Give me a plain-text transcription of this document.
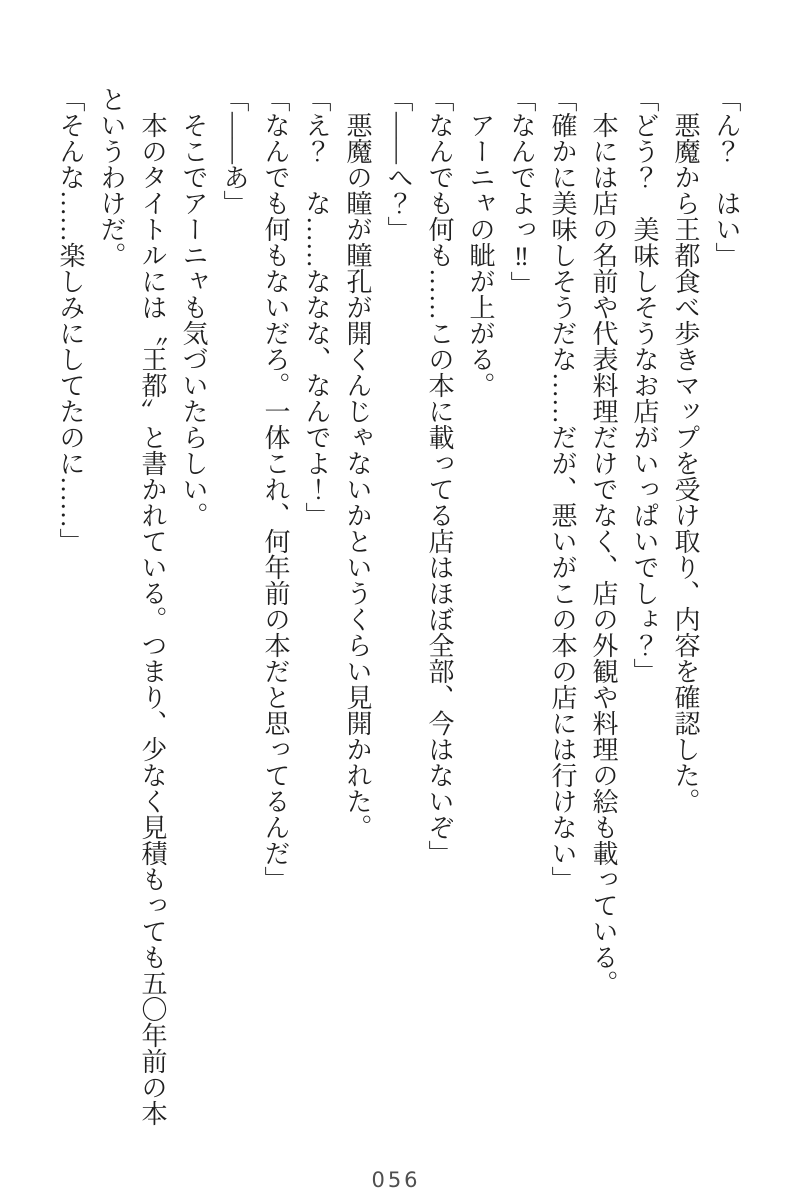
「ん？　はい」

悪魔から王都食べ歩きマップを受け取り、内容を確認した。

「どう？　美味しそうなお店がいっぱいでしょ？」

本には店の名前や代表料理だけでなく、店の外観や料理の絵も載っている。

「確かに美味しそうだな……だが、悪いがこの本の店には行けない」

「なんでよっ‼」

アーニャの眦が上がる。

「なんでも何も……この本に載ってる店はほぼ全部、今はないぞ」

「――へ？」

悪魔の瞳が瞳孔が開くんじゃないかというくらい見開かれた。

「え？　な……ななな、なんでよ！」

「なんでも何もないだろ。一体これ、何年前の本だと思ってるんだ」

「――あ」

そこでアーニャも気づいたらしい。

本のタイトルには〝王都〟と書かれている。つまり、少なく見積もっても五〇年前の本

というわけだ。

「そんな……楽しみにしてたのに……」

056
